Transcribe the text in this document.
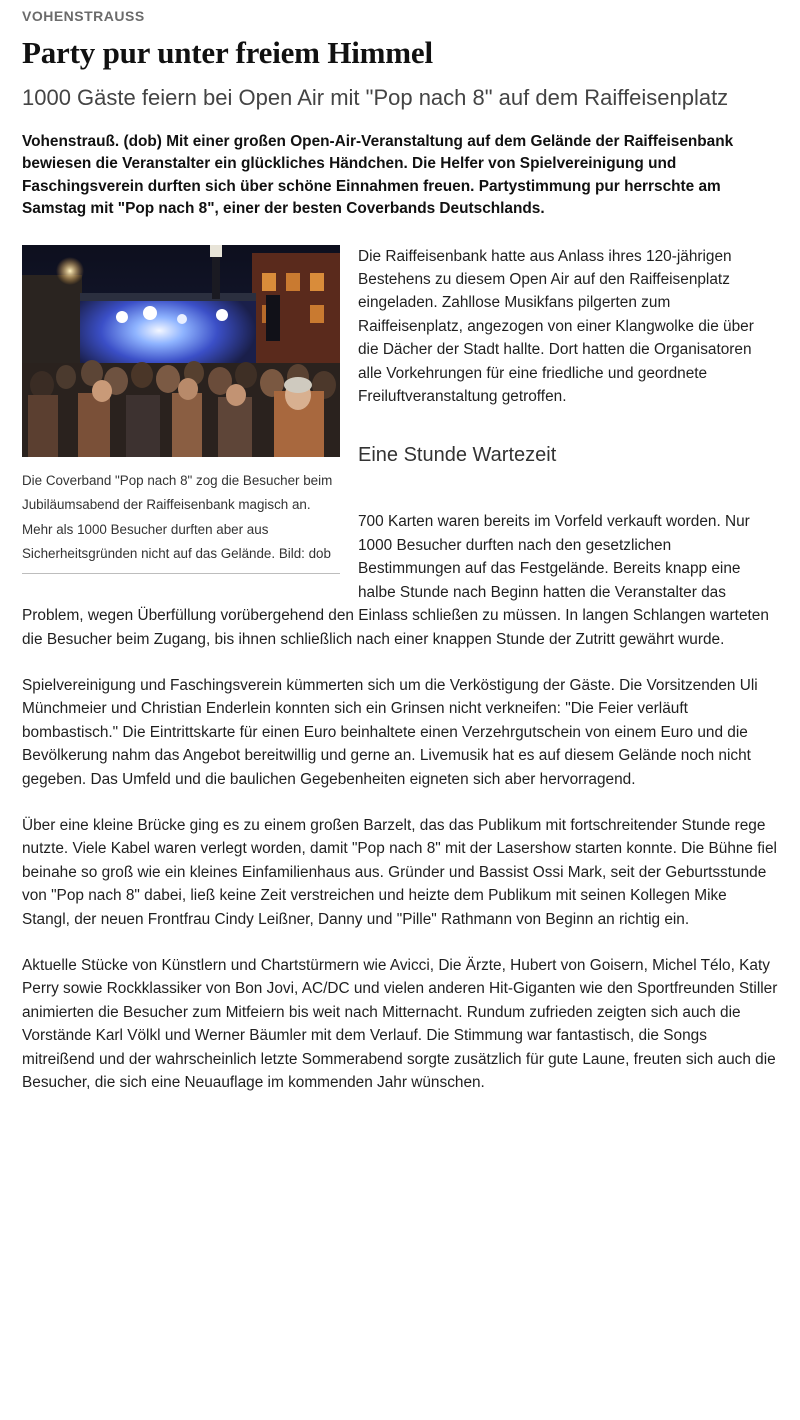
VOHENSTRAUSS
Party pur unter freiem Himmel
1000 Gäste feiern bei Open Air mit "Pop nach 8" auf dem Raiffeisenplatz

Vohenstrauß. (dob) Mit einer großen Open-Air-Veranstaltung auf dem Gelände der Raiffeisenbank bewiesen die Veranstalter ein glückliches Händchen. Die Helfer von Spielvereinigung und Faschingsverein durften sich über schöne Einnahmen freuen. Partystimmung pur herrschte am Samstag mit "Pop nach 8", einer der besten Coverbands Deutschlands.

Die Coverband "Pop nach 8" zog die Besucher beim Jubiläumsabend der Raiffeisenbank magisch an. Mehr als 1000 Besucher durften aber aus Sicherheitsgründen nicht auf das Gelände. Bild: dob

Die Raiffeisenbank hatte aus Anlass ihres 120-jährigen Bestehens zu diesem Open Air auf den Raiffeisenplatz eingeladen. Zahllose Musikfans pilgerten zum Raiffeisenplatz, angezogen von einer Klangwolke die über die Dächer der Stadt hallte. Dort hatten die Organisatoren alle Vorkehrungen für eine friedliche und geordnete Freiluftveranstaltung getroffen.

Eine Stunde Wartezeit

700 Karten waren bereits im Vorfeld verkauft worden. Nur 1000 Besucher durften nach den gesetzlichen Bestimmungen auf das Festgelände. Bereits knapp eine halbe Stunde nach Beginn hatten die Veranstalter das Problem, wegen Überfüllung vorübergehend den Einlass schließen zu müssen. In langen Schlangen warteten die Besucher beim Zugang, bis ihnen schließlich nach einer knappen Stunde der Zutritt gewährt wurde.

Spielvereinigung und Faschingsverein kümmerten sich um die Verköstigung der Gäste. Die Vorsitzenden Uli Münchmeier und Christian Enderlein konnten sich ein Grinsen nicht verkneifen: "Die Feier verläuft bombastisch." Die Eintrittskarte für einen Euro beinhaltete einen Verzehrgutschein von einem Euro und die Bevölkerung nahm das Angebot bereitwillig und gerne an. Livemusik hat es auf diesem Gelände noch nicht gegeben. Das Umfeld und die baulichen Gegebenheiten eigneten sich aber hervorragend.

Über eine kleine Brücke ging es zu einem großen Barzelt, das das Publikum mit fortschreitender Stunde rege nutzte. Viele Kabel waren verlegt worden, damit "Pop nach 8" mit der Lasershow starten konnte. Die Bühne fiel beinahe so groß wie ein kleines Einfamilienhaus aus. Gründer und Bassist Ossi Mark, seit der Geburtsstunde von "Pop nach 8" dabei, ließ keine Zeit verstreichen und heizte dem Publikum mit seinen Kollegen Mike Stangl, der neuen Frontfrau Cindy Leißner, Danny und "Pille" Rathmann von Beginn an richtig ein.

Aktuelle Stücke von Künstlern und Chartstürmern wie Avicci, Die Ärzte, Hubert von Goisern, Michel Télo, Katy Perry sowie Rockklassiker von Bon Jovi, AC/DC und vielen anderen Hit-Giganten wie den Sportfreunden Stiller animierten die Besucher zum Mitfeiern bis weit nach Mitternacht. Rundum zufrieden zeigten sich auch die Vorstände Karl Völkl und Werner Bäumler mit dem Verlauf. Die Stimmung war fantastisch, die Songs mitreißend und der wahrscheinlich letzte Sommerabend sorgte zusätzlich für gute Laune, freuten sich auch die Besucher, die sich eine Neuauflage im kommenden Jahr wünschen.
